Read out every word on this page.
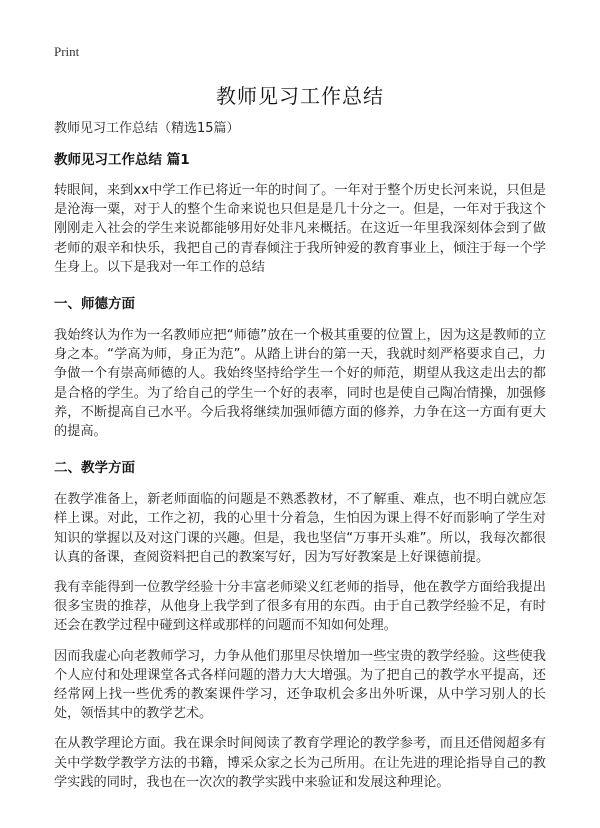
Print
教师见习工作总结

教师见习工作总结（精选15篇）

教师见习工作总结 篇1

转眼间，来到xx中学工作已将近一年的时间了。一年对于整个历史长河来说，只但是是沧海一粟，对于人的整个生命来说也只但是是几十分之一。但是，一年对于我这个刚刚走入社会的学生来说都能够用好处非凡来概括。在这近一年里我深刻体会到了做老师的艰辛和快乐，我把自己的青春倾注于我所钟爱的教育事业上，倾注于每一个学生身上。以下是我对一年工作的总结

一、师德方面

我始终认为作为一名教师应把“师德”放在一个极其重要的位置上，因为这是教师的立身之本。“学高为师，身正为范”。从踏上讲台的第一天，我就时刻严格要求自己，力争做一个有崇高师德的人。我始终坚持给学生一个好的师范，期望从我这走出去的都是合格的学生。为了给自己的学生一个好的表率，同时也是使自己陶冶情操，加强修养，不断提高自己水平。今后我将继续加强师德方面的修养，力争在这一方面有更大的提高。

二、教学方面

在教学准备上，新老师面临的问题是不熟悉教材，不了解重、难点，也不明白就应怎样上课。对此，工作之初，我的心里十分着急，生怕因为课上得不好而影响了学生对知识的掌握以及对这门课的兴趣。但是，我也坚信“万事开头难”。所以，我每次都很认真的备课，查阅资料把自己的教案写好，因为写好教案是上好课德前提。

我有幸能得到一位教学经验十分丰富老师梁义红老师的指导，他在教学方面给我提出很多宝贵的推荐，从他身上我学到了很多有用的东西。由于自己教学经验不足，有时还会在教学过程中碰到这样或那样的问题而不知如何处理。

因而我虚心向老教师学习，力争从他们那里尽快增加一些宝贵的教学经验。这些使我个人应付和处理课堂各式各样问题的潜力大大增强。为了把自己的教学水平提高，还经常网上找一些优秀的教案课件学习，还争取机会多出外听课，从中学习别人的长处，领悟其中的教学艺术。

在从教学理论方面。我在课余时间阅读了教育学理论的教学参考，而且还借阅超多有关中学数学教学方法的书籍，博采众家之长为己所用。在让先进的理论指导自己的教学实践的同时，我也在一次次的教学实践中来验证和发展这种理论。
